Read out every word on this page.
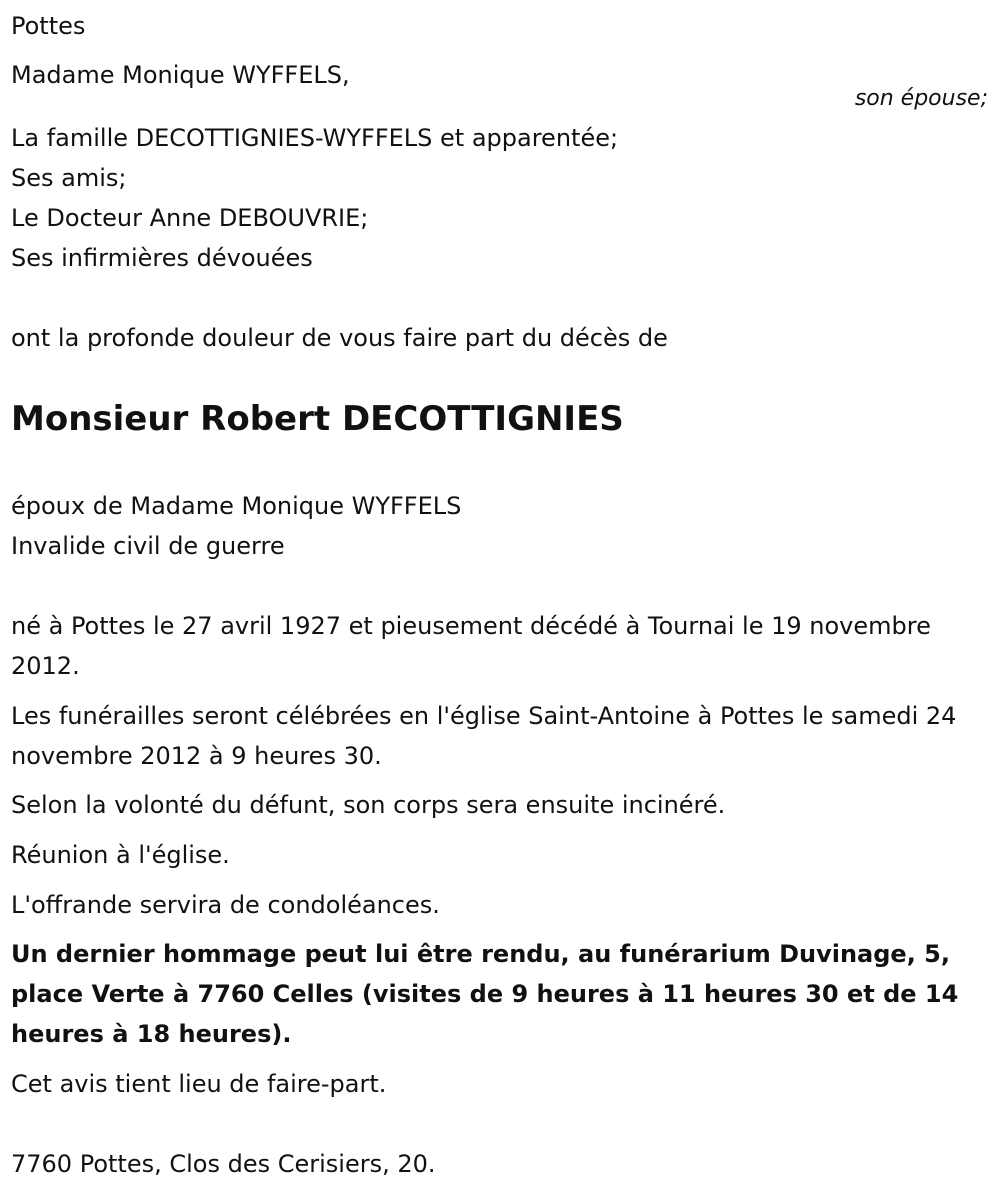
Pottes
Madame Monique WYFFELS,
son épouse;
La famille DECOTTIGNIES-WYFFELS et apparentée;
Ses amis;
Le Docteur Anne DEBOUVRIE;
Ses infirmières dévouées
ont la profonde douleur de vous faire part du décès de
Monsieur Robert DECOTTIGNIES
époux de Madame Monique WYFFELS
Invalide civil de guerre
né à Pottes le 27 avril 1927 et pieusement décédé à Tournai le 19 novembre 2012.
Les funérailles seront célébrées en l'église Saint-Antoine à Pottes le samedi 24 novembre 2012 à 9 heures 30.
Selon la volonté du défunt, son corps sera ensuite incinéré.
Réunion à l'église.
L'offrande servira de condoléances.
Un dernier hommage peut lui être rendu, au funérarium Duvinage, 5, place Verte à 7760 Celles (visites de 9 heures à 11 heures 30 et de 14 heures à 18 heures).
Cet avis tient lieu de faire-part.
7760 Pottes, Clos des Cerisiers, 20.
